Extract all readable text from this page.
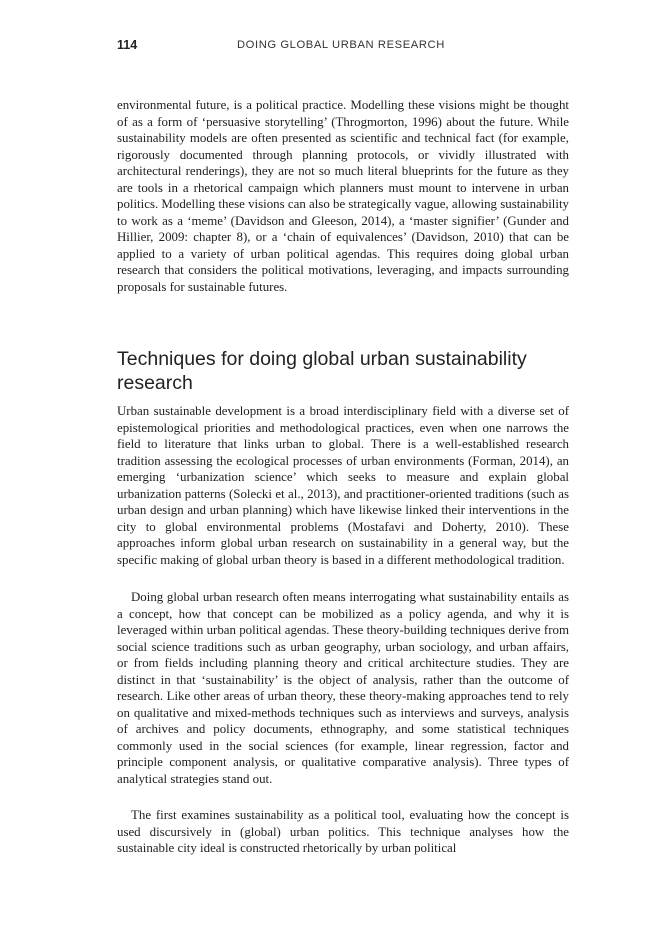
114	DOING GLOBAL URBAN RESEARCH

environmental future, is a political practice. Modelling these visions might be thought of as a form of ‘persuasive storytelling’ (Throgmorton, 1996) about the future. While sustainability models are often presented as scientific and technical fact (for example, rigorously documented through planning protocols, or vividly illustrated with architectural renderings), they are not so much literal blueprints for the future as they are tools in a rhetorical campaign which planners must mount to intervene in urban politics. Modelling these visions can also be strategically vague, allowing sustainability to work as a ‘meme’ (Davidson and Gleeson, 2014), a ‘master signifier’ (Gunder and Hillier, 2009: chapter 8), or a ‘chain of equivalences’ (Davidson, 2010) that can be applied to a variety of urban political agendas. This requires doing global urban research that considers the political motivations, leveraging, and impacts surrounding proposals for sustainable futures.

Techniques for doing global urban sustainability research

Urban sustainable development is a broad interdisciplinary field with a diverse set of epistemological priorities and methodological practices, even when one narrows the field to literature that links urban to global. There is a well-established research tradition assessing the ecological processes of urban environments (Forman, 2014), an emerging ‘urbanization science’ which seeks to measure and explain global urbanization patterns (Solecki et al., 2013), and practitioner-oriented traditions (such as urban design and urban planning) which have likewise linked their interventions in the city to global environmental problems (Mostafavi and Doherty, 2010). These approaches inform global urban research on sustainability in a general way, but the specific making of global urban theory is based in a different methodological tradition.

Doing global urban research often means interrogating what sustainability entails as a concept, how that concept can be mobilized as a policy agenda, and why it is leveraged within urban political agendas. These theory-building techniques derive from social science traditions such as urban geography, urban sociology, and urban affairs, or from fields including planning theory and critical architecture studies. They are distinct in that ‘sustainability’ is the object of analysis, rather than the outcome of research. Like other areas of urban theory, these theory-making approaches tend to rely on qualitative and mixed-methods techniques such as interviews and surveys, analysis of archives and policy documents, ethnography, and some statistical techniques commonly used in the social sciences (for example, linear regression, factor and principle component analysis, or qualitative comparative analysis). Three types of analytical strategies stand out.

The first examines sustainability as a political tool, evaluating how the concept is used discursively in (global) urban politics. This technique analyses how the sustainable city ideal is constructed rhetorically by urban political
